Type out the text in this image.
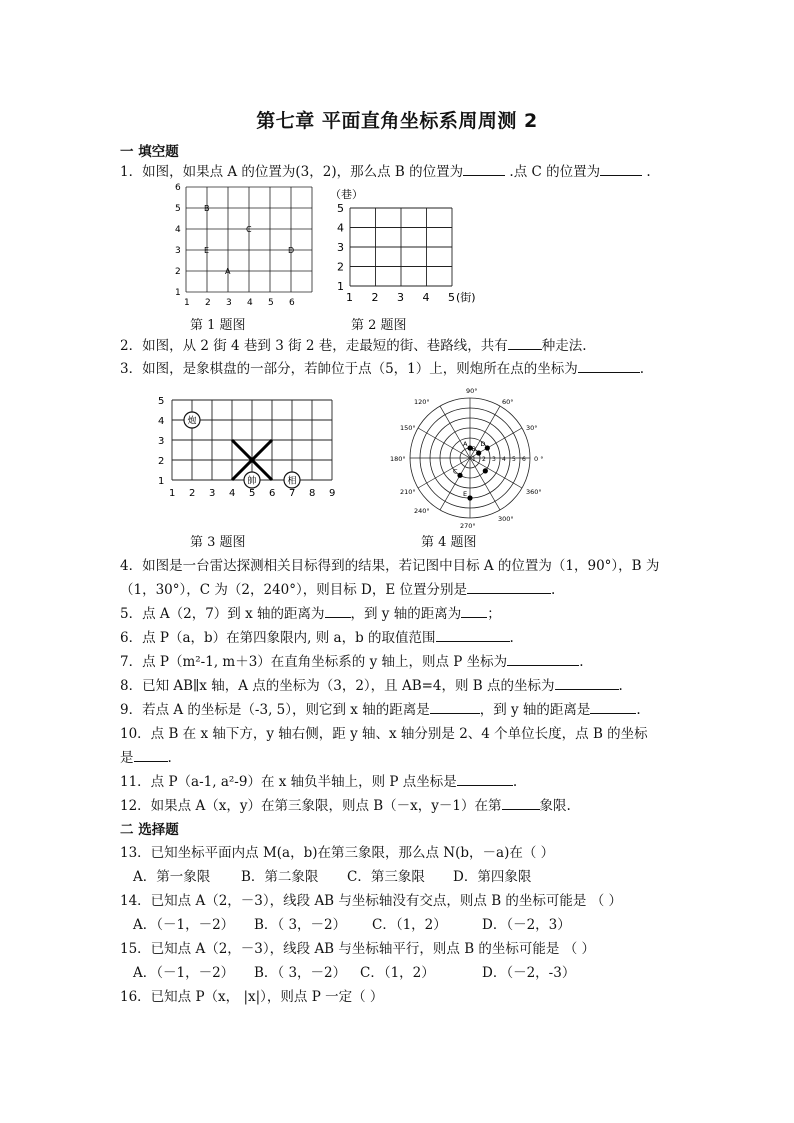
第七章 平面直角坐标系周周测 2
一 填空题
1．如图，如果点 A 的位置为(3，2)，那么点 B 的位置为	.点 C 的位置为	.
1 2 3 4 5 6
1
2
3
4
5
6
B
C
E	D
A
（巷）
1
2
3
4
5
1 2 3 4 5 (街)
第 1 题图	第 2 题图
2．如图，从 2 街 4 巷到 3 街 2 巷，走最短的街、巷路线，共有	种走法.
3．如图，是象棋盘的一部分，若帥位于点（5，1）上，则炮所在点的坐标为	.
1
2
3
4
5
1 2 3 4 5 6 7 8 9
炮
帥	相
90°
60°
30°
0 °
360°
300°
270°
240°
210°
180°
150°
120°
1 2 3 4 5 6
A
B
D
C
E
第 3 题图	第 4 题图
4．如图是一台雷达探测相关目标得到的结果，若记图中目标 A 的位置为（1，90°），B 为
（1，30°），C 为（2，240°），则目标 D，E 位置分别是	.
5．点 A（2，7）到 x 轴的距离为 ，到 y 轴的距离为 ；
6．点 P（a，b）在第四象限内, 则 a，b 的取值范围	.
7．点 P（m²-1, m＋3）在直角坐标系的 y 轴上，则点 P 坐标为	.
8．已知 AB∥x 轴，A 点的坐标为（3，2），且 AB=4，则 B 点的坐标为	.
9．若点 A 的坐标是（-3, 5），则它到 x 轴的距离是	，到 y 轴的距离是	.
10．点 B 在 x 轴下方，y 轴右侧，距 y 轴、x 轴分别是 2、4 个单位长度，点 B 的坐标
是	.
11．点 P（a-1, a²-9）在 x 轴负半轴上，则 P 点坐标是	.
12．如果点 A（x，y）在第三象限，则点 B（－x，y－1）在第	象限.
二 选择题
13．已知坐标平面内点 M(a，b)在第三象限，那么点 N(b，－a)在（ ）
A．第一象限 B．第二象限 C．第三象限 D．第四象限
14．已知点 A（2，－3），线段 AB 与坐标轴没有交点，则点 B 的坐标可能是 （ ）
A．（－1，－2） B．（ 3，－2） C．（1，2）	D．（－2，3）
15．已知点 A（2，－3），线段 AB 与坐标轴平行，则点 B 的坐标可能是 （ ）
A．（－1，－2） B．（ 3，－2） C．（1，2）	D．（－2，-3）
16．已知点 P（x， |x|），则点 P 一定（ ）
